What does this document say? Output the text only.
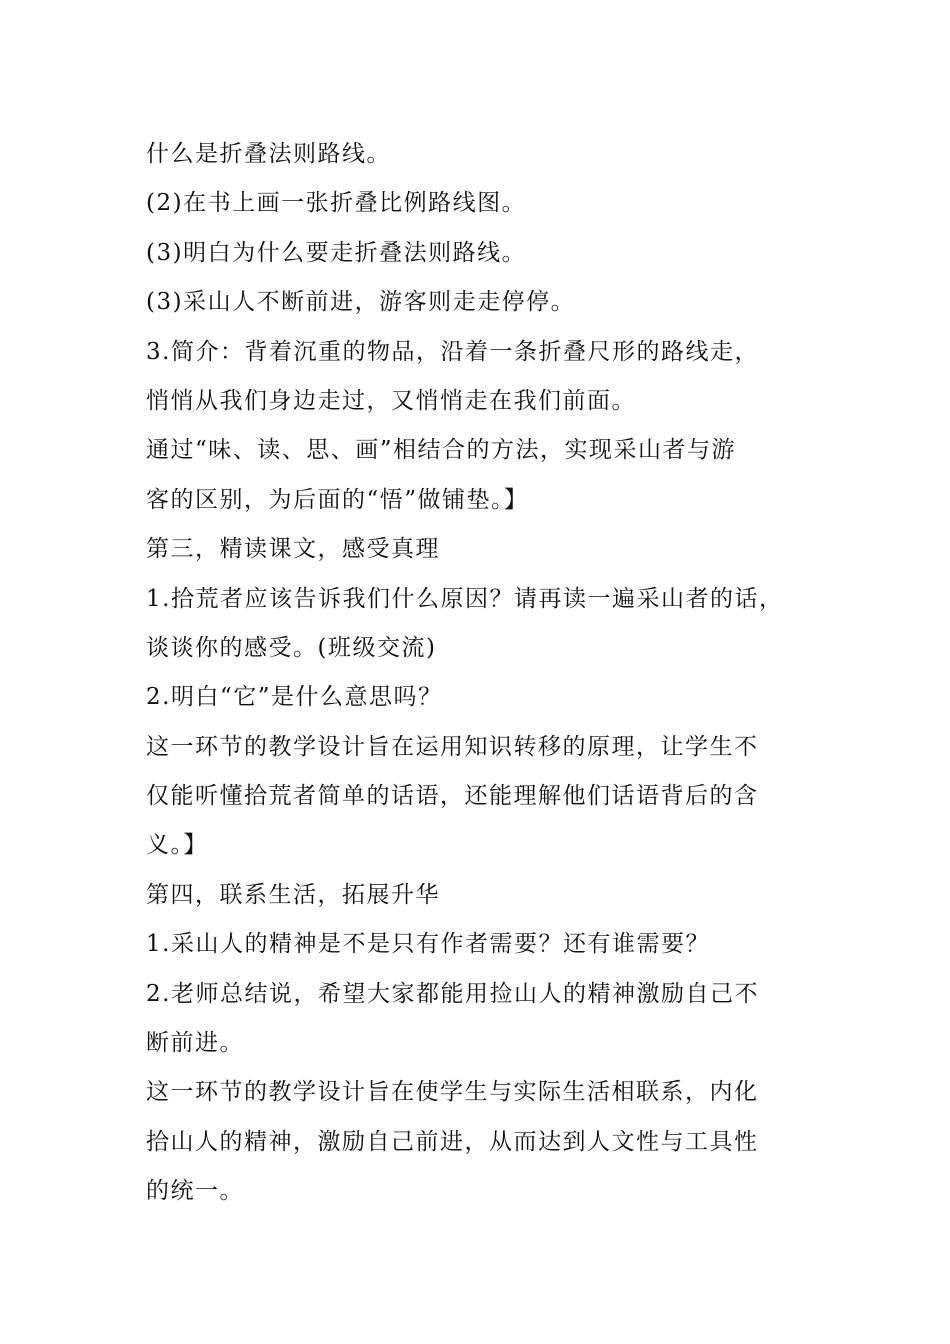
什么是折叠法则路线。
(2)在书上画一张折叠比例路线图。
(3)明白为什么要走折叠法则路线。
(3)采山人不断前进，游客则走走停停。
3.简介：背着沉重的物品，沿着一条折叠尺形的路线走，
悄悄从我们身边走过，又悄悄走在我们前面。
通过“味、读、思、画”相结合的方法，实现采山者与游
客的区别，为后面的“悟”做铺垫。】
第三，精读课文，感受真理
1.拾荒者应该告诉我们什么原因？请再读一遍采山者的话，
谈谈你的感受。(班级交流)
2.明白“它”是什么意思吗？
这一环节的教学设计旨在运用知识转移的原理，让学生不
仅能听懂拾荒者简单的话语，还能理解他们话语背后的含
义。】
第四，联系生活，拓展升华
1.采山人的精神是不是只有作者需要？还有谁需要？
2.老师总结说，希望大家都能用捡山人的精神激励自己不
断前进。
这一环节的教学设计旨在使学生与实际生活相联系，内化
拾山人的精神，激励自己前进，从而达到人文性与工具性
的统一。
